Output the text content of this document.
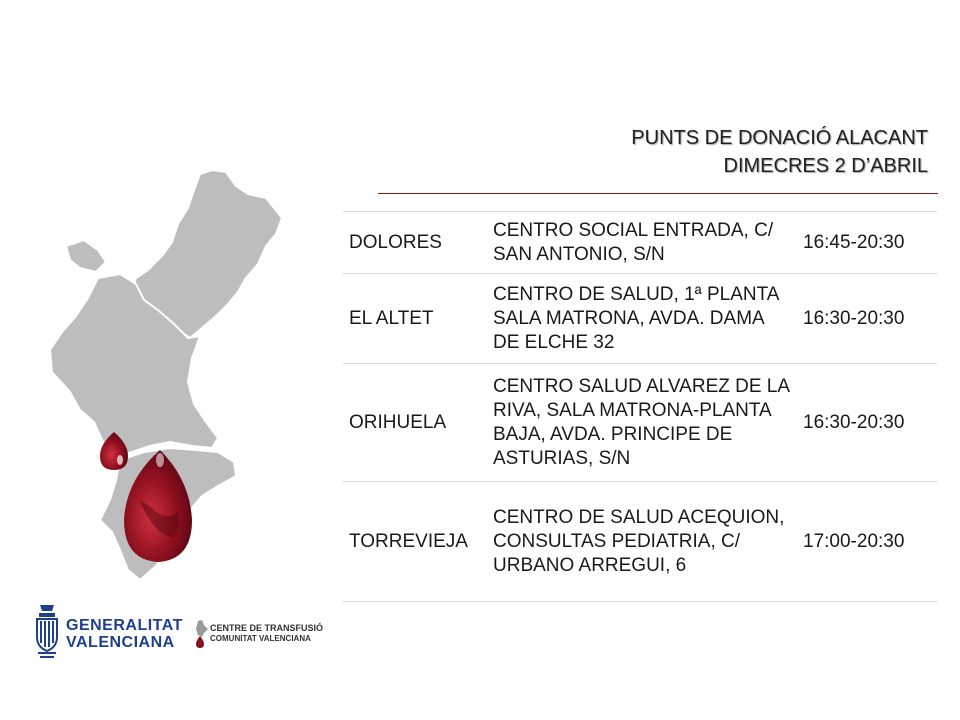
PUNTS DE DONACIÓ ALACANT
DIMECRES 2 D’ABRIL
DOLORES	CENTRO SOCIAL ENTRADA, C/ SAN ANTONIO, S/N	16:45-20:30
EL ALTET	CENTRO DE SALUD, 1ª PLANTA SALA MATRONA, AVDA. DAMA DE ELCHE 32	16:30-20:30
ORIHUELA	CENTRO SALUD ALVAREZ DE LA RIVA, SALA MATRONA-PLANTA BAJA, AVDA. PRINCIPE DE ASTURIAS, S/N	16:30-20:30
TORREVIEJA	CENTRO DE SALUD ACEQUION, CONSULTAS PEDIATRIA, C/ URBANO ARREGUI, 6	17:00-20:30
GENERALITAT
VALENCIANA
CENTRE DE TRANSFUSIÓ
COMUNITAT VALENCIANA
